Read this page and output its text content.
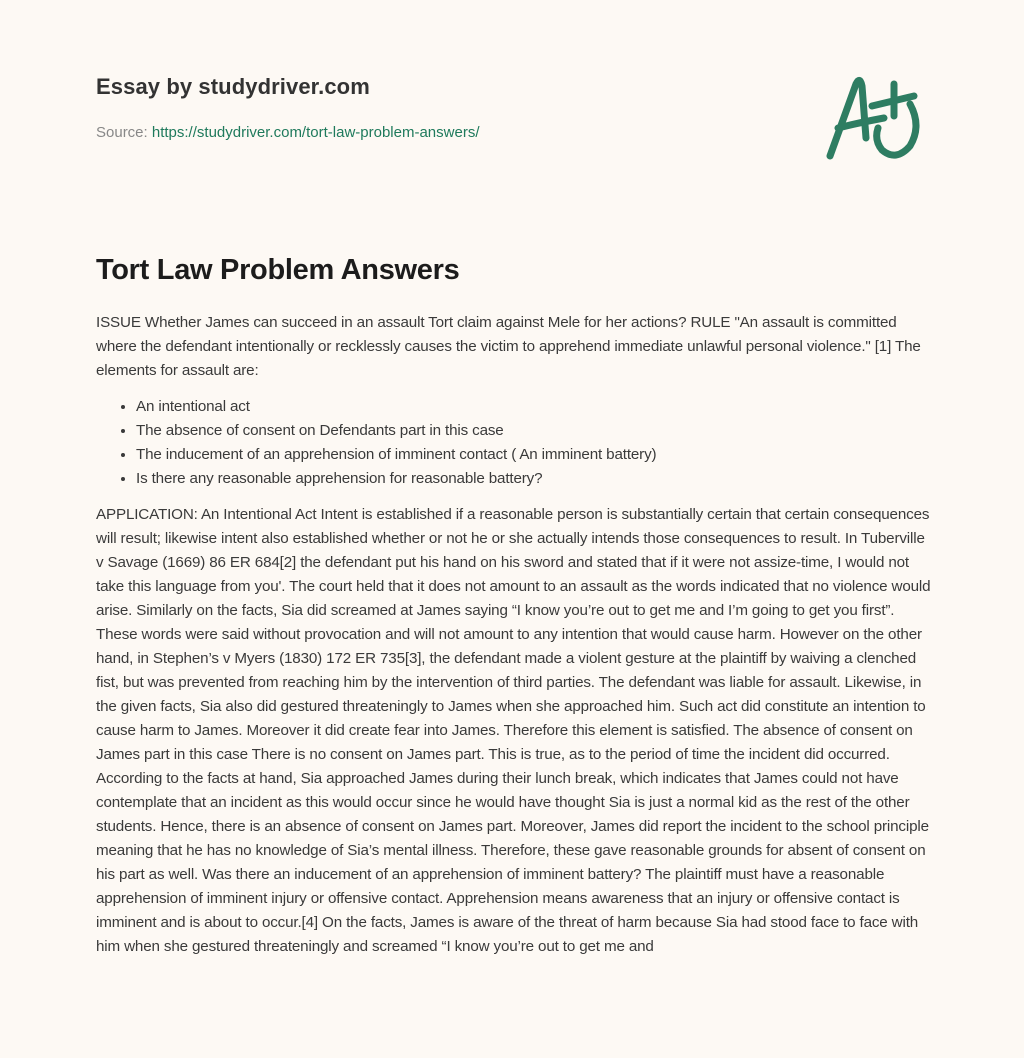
Essay by studydriver.com
Source: https://studydriver.com/tort-law-problem-answers/
Tort Law Problem Answers

ISSUE Whether James can succeed in an assault Tort claim against Mele for her actions? RULE "An assault is committed where the defendant intentionally or recklessly causes the victim to apprehend immediate unlawful personal violence." [1] The elements for assault are:

• An intentional act
• The absence of consent on Defendants part in this case
• The inducement of an apprehension of imminent contact ( An imminent battery)
• Is there any reasonable apprehension for reasonable battery?

APPLICATION: An Intentional Act Intent is established if a reasonable person is substantially certain that certain consequences will result; likewise intent also established whether or not he or she actually intends those consequences to result. In Tuberville v Savage (1669) 86 ER 684[2] the defendant put his hand on his sword and stated that if it were not assize-time, I would not take this language from you'. The court held that it does not amount to an assault as the words indicated that no violence would arise. Similarly on the facts, Sia did screamed at James saying “I know you’re out to get me and I’m going to get you first”. These words were said without provocation and will not amount to any intention that would cause harm. However on the other hand, in Stephen’s v Myers (1830) 172 ER 735[3], the defendant made a violent gesture at the plaintiff by waiving a clenched fist, but was prevented from reaching him by the intervention of third parties. The defendant was liable for assault. Likewise, in the given facts, Sia also did gestured threateningly to James when she approached him. Such act did constitute an intention to cause harm to James. Moreover it did create fear into James. Therefore this element is satisfied. The absence of consent on James part in this case There is no consent on James part. This is true, as to the period of time the incident did occurred. According to the facts at hand, Sia approached James during their lunch break, which indicates that James could not have contemplate that an incident as this would occur since he would have thought Sia is just a normal kid as the rest of the other students. Hence, there is an absence of consent on James part. Moreover, James did report the incident to the school principle meaning that he has no knowledge of Sia’s mental illness. Therefore, these gave reasonable grounds for absent of consent on his part as well. Was there an inducement of an apprehension of imminent battery? The plaintiff must have a reasonable apprehension of imminent injury or offensive contact. Apprehension means awareness that an injury or offensive contact is imminent and is about to occur.[4] On the facts, James is aware of the threat of harm because Sia had stood face to face with him when she gestured threateningly and screamed “I know you’re out to get me and
